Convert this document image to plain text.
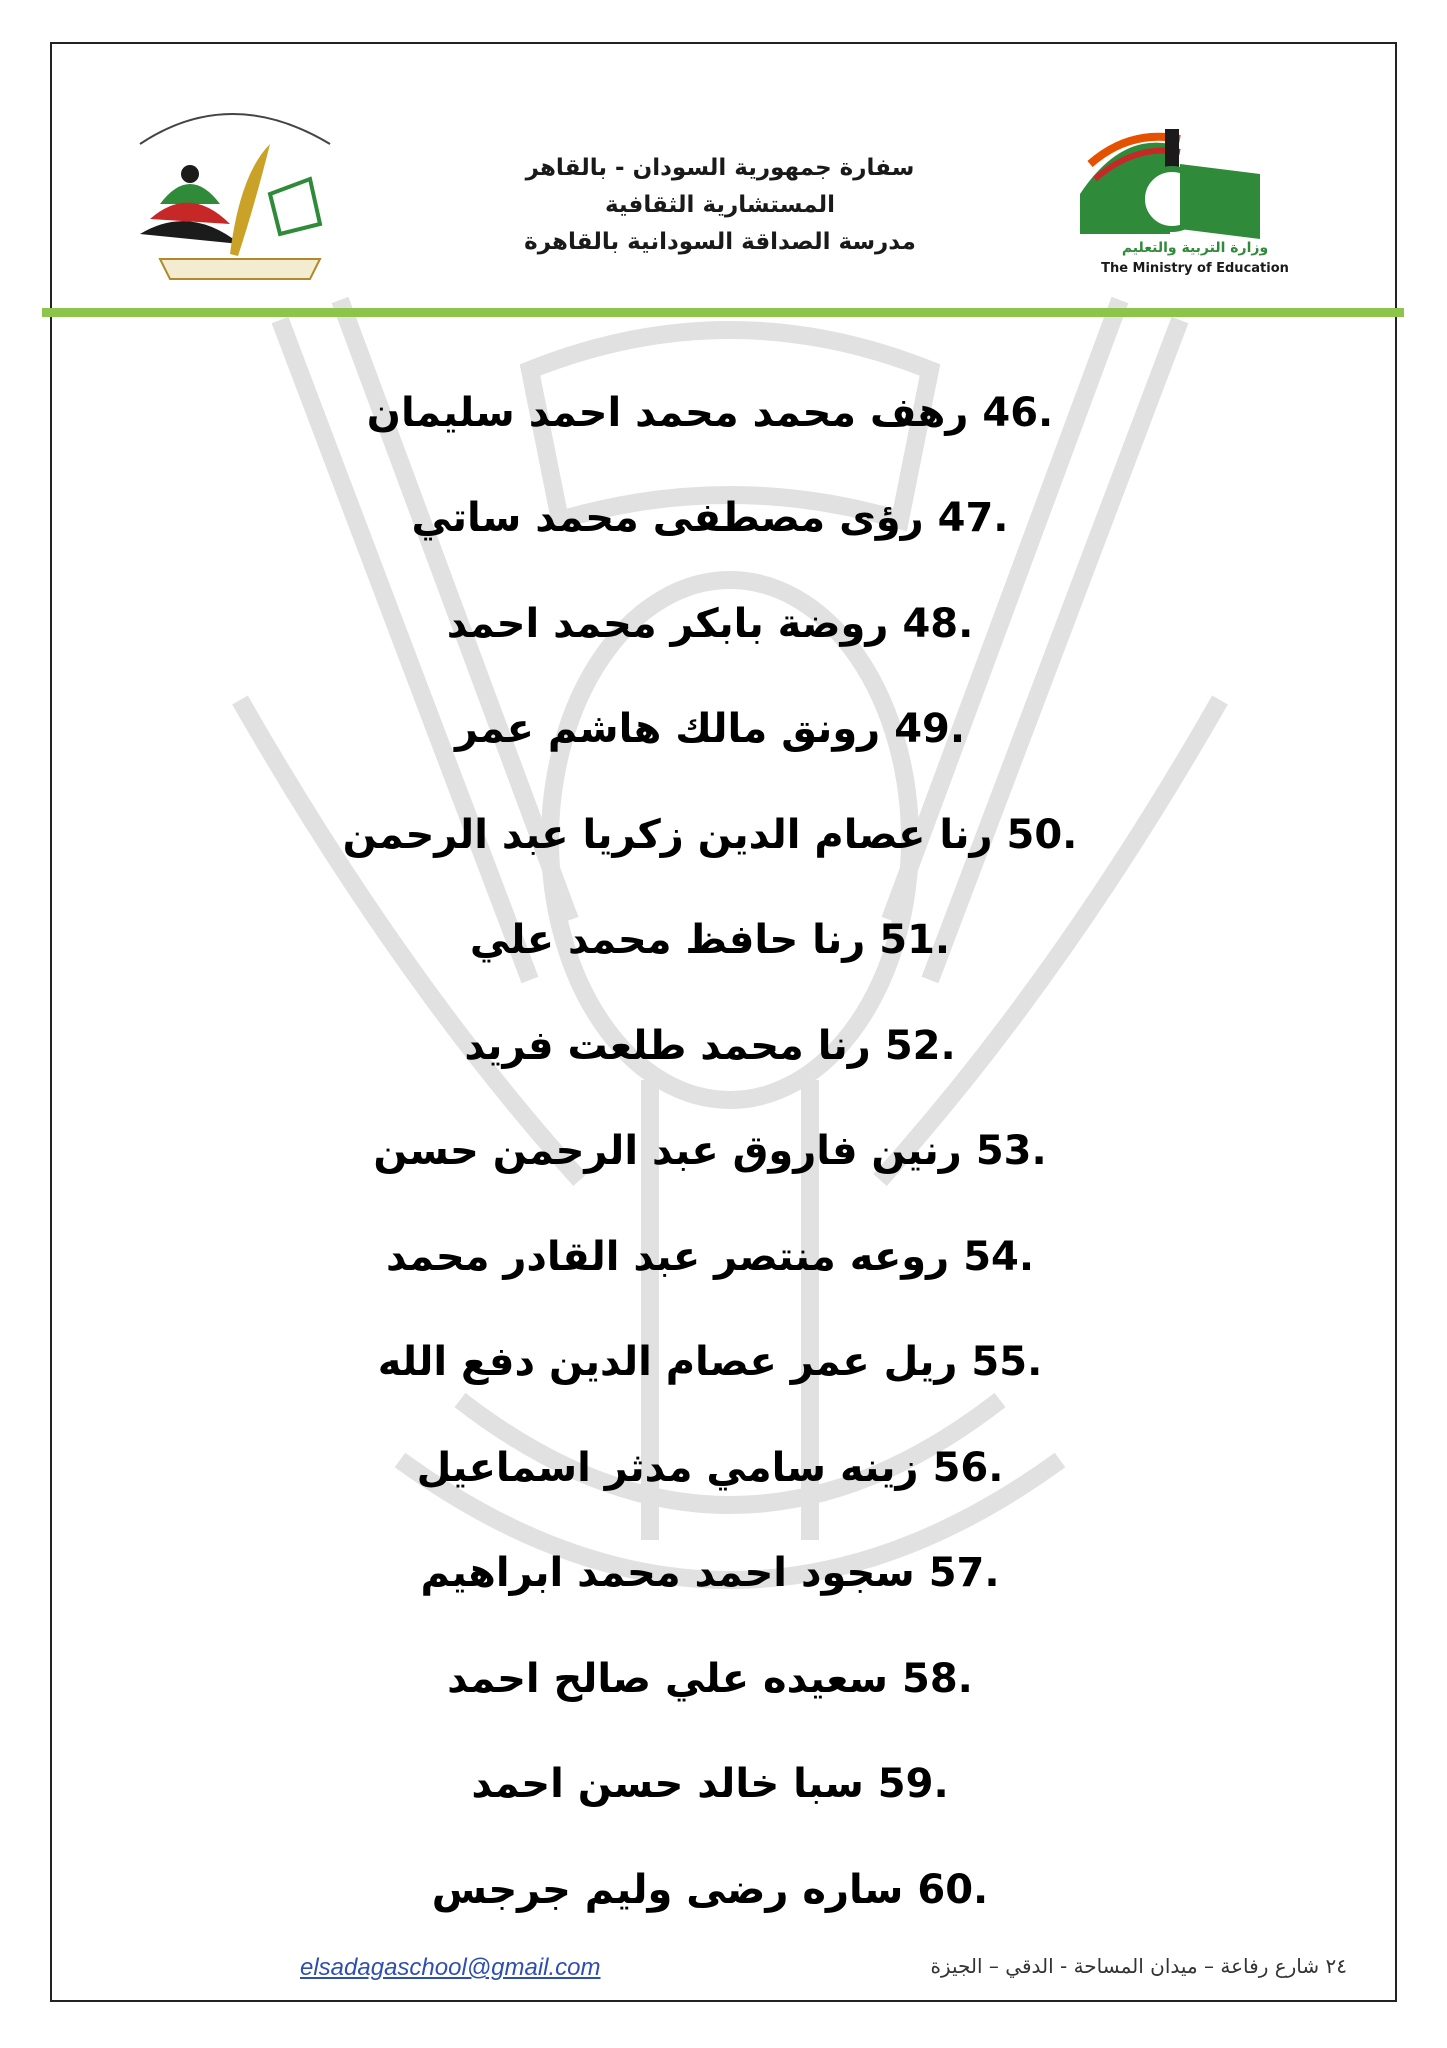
وزارة التربية والتعليم
The Ministry of Education
سفارة جمهورية السودان - بالقاهر
المستشارية الثقافية
مدرسة الصداقة السودانية بالقاهرة
46.
رهف محمد محمد احمد سليمان
47.
رؤى مصطفى محمد ساتي
48.
روضة بابكر محمد احمد
49.
رونق مالك هاشم عمر
50.
رنا عصام الدين زكريا عبد الرحمن
51.
رنا حافظ محمد علي
52.
رنا محمد طلعت فريد
53.
رنين فاروق عبد الرحمن حسن
54.
روعه منتصر عبد القادر محمد
55.
ريل عمر عصام الدين دفع الله
56.
زينه سامي مدثر اسماعيل
57.
سجود احمد محمد ابراهيم
58.
سعيده علي صالح احمد
59.
سبا خالد حسن احمد
60.
ساره رضى وليم جرجس
elsadagaschool@gmail.com	٢٤ شارع رفاعة – ميدان المساحة - الدقي – الجيزة
